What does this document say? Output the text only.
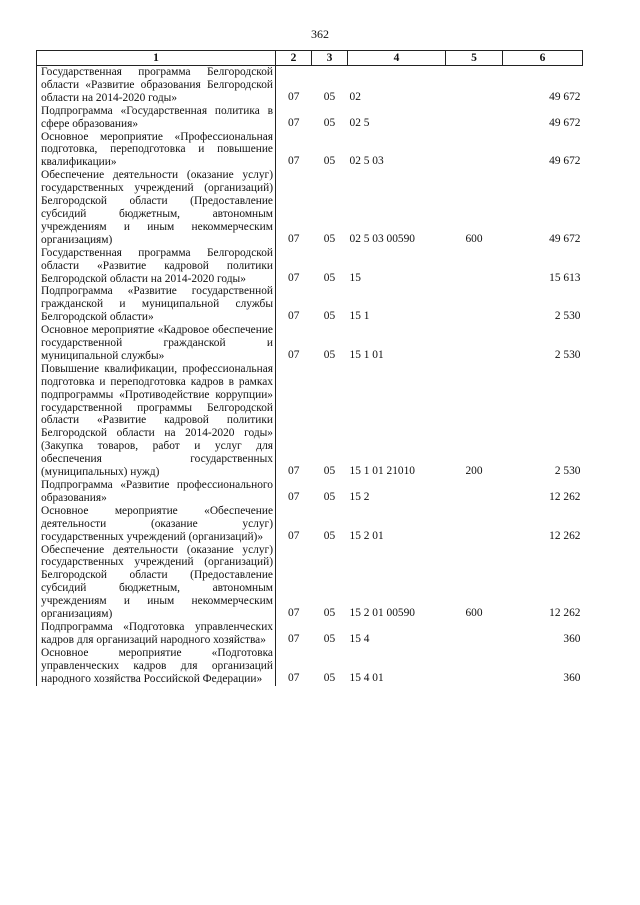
362
1	2	3	4	5	6
Государственная программа Белгородской области «Развитие образования Белгородской области на 2014-2020 годы»	07	05	02		49 672

Подпрограмма «Государственная политика в сфере образования»	07	05	02 5		49 672

Основное мероприятие «Профессиональная подготовка, переподготовка и повышение квалификации»	07	05	02 5 03		49 672

Обеспечение деятельности (оказание услуг) государственных учреждений (организаций) Белгородской области (Предоставление субсидий бюджетным, автономным учреждениям и иным некоммерческим организациям)	07	05	02 5 03 00590	600	49 672

Государственная программа Белгородской области «Развитие кадровой политики Белгородской области на 2014-2020 годы»	07	05	15		15 613

Подпрограмма «Развитие государственной гражданской и муниципальной службы Белгородской области»	07	05	15 1		2 530

Основное мероприятие «Кадровое обеспечение государственной гражданской и муниципальной службы»	07	05	15 1 01		2 530

Повышение квалификации, профессиональная подготовка и переподготовка кадров в рамках подпрограммы «Противодействие коррупции» государственной программы Белгородской области «Развитие кадровой политики Белгородской области на 2014-2020 годы» (Закупка товаров, работ и услуг для обеспечения государственных (муниципальных) нужд)	07	05	15 1 01 21010	200	2 530

Подпрограмма «Развитие профессионального образования»	07	05	15 2		12 262

Основное мероприятие «Обеспечение деятельности (оказание услуг) государственных учреждений (организаций)»	07	05	15 2 01		12 262

Обеспечение деятельности (оказание услуг) государственных учреждений (организаций) Белгородской области (Предоставление субсидий бюджетным, автономным учреждениям и иным некоммерческим организациям)	07	05	15 2 01 00590	600	12 262

Подпрограмма «Подготовка управленческих кадров для организаций народного хозяйства»	07	05	15 4		360

Основное мероприятие «Подготовка управленческих кадров для организаций народного хозяйства Российской Федерации»	07	05	15 4 01		360
